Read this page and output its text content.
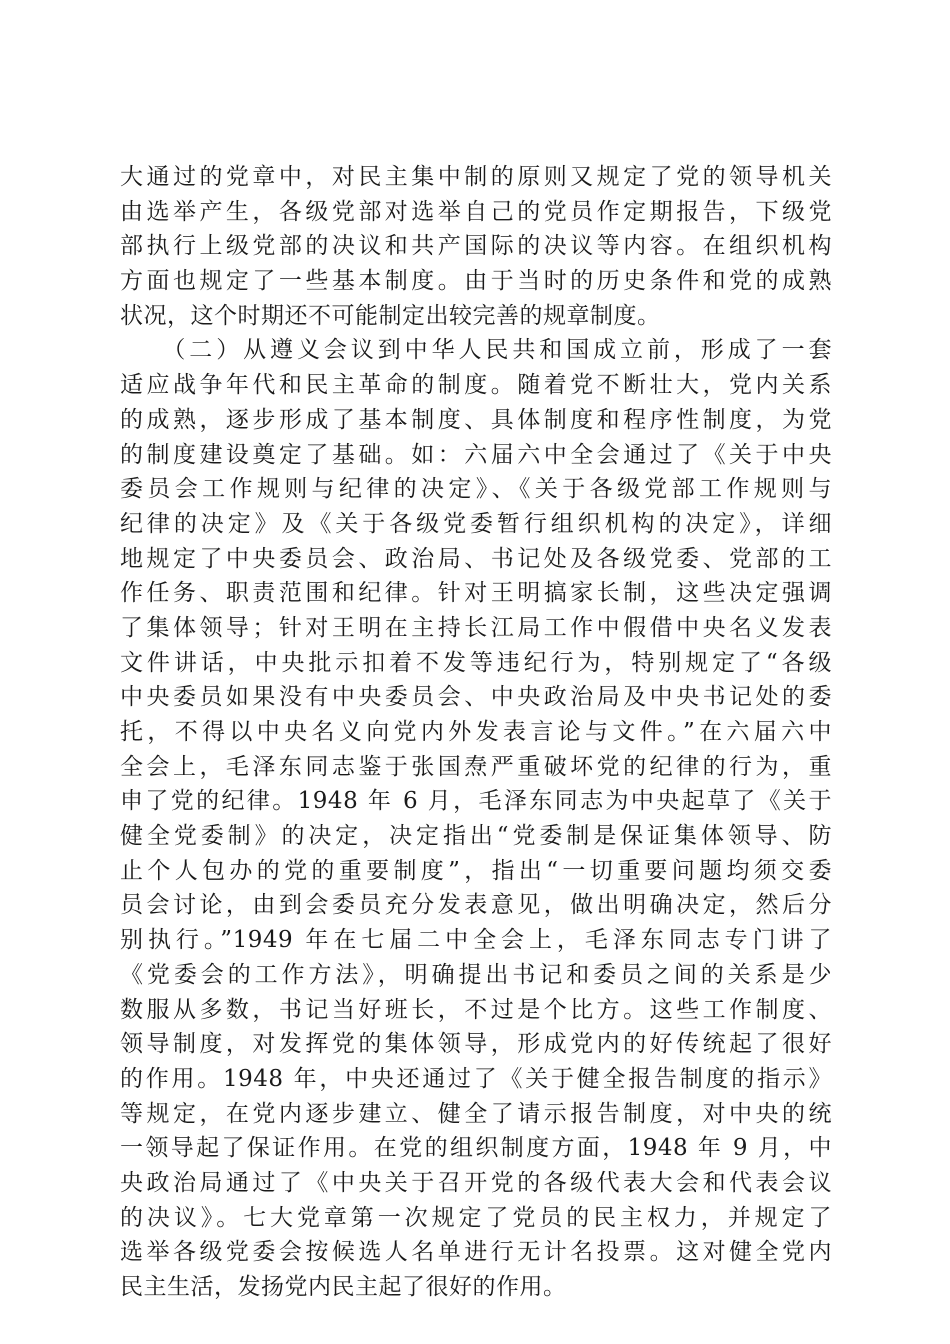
大通过的党章中，对民主集中制的原则又规定了党的领导机关
由选举产生，各级党部对选举自己的党员作定期报告，下级党
部执行上级党部的决议和共产国际的决议等内容。在组织机构
方面也规定了一些基本制度。由于当时的历史条件和党的成熟
状况，这个时期还不可能制定出较完善的规章制度。
　　（二）从遵义会议到中华人民共和国成立前，形成了一套
适应战争年代和民主革命的制度。随着党不断壮大，党内关系
的成熟，逐步形成了基本制度、具体制度和程序性制度，为党
的制度建设奠定了基础。如：六届六中全会通过了《关于中央
委员会工作规则与纪律的决定》、《关于各级党部工作规则与
纪律的决定》及《关于各级党委暂行组织机构的决定》，详细
地规定了中央委员会、政治局、书记处及各级党委、党部的工
作任务、职责范围和纪律。针对王明搞家长制，这些决定强调
了集体领导；针对王明在主持长江局工作中假借中央名义发表
文件讲话，中央批示扣着不发等违纪行为，特别规定了“各级
中央委员如果没有中央委员会、中央政治局及中央书记处的委
托，不得以中央名义向党内外发表言论与文件。”在六届六中
全会上，毛泽东同志鉴于张国焘严重破坏党的纪律的行为，重
申了党的纪律。1948 年 6 月，毛泽东同志为中央起草了《关于
健全党委制》的决定，决定指出“党委制是保证集体领导、防
止个人包办的党的重要制度”，指出“一切重要问题均须交委
员会讨论，由到会委员充分发表意见，做出明确决定，然后分
别执行。”1949 年在七届二中全会上，毛泽东同志专门讲了
《党委会的工作方法》，明确提出书记和委员之间的关系是少
数服从多数，书记当好班长，不过是个比方。这些工作制度、
领导制度，对发挥党的集体领导，形成党内的好传统起了很好
的作用。1948 年，中央还通过了《关于健全报告制度的指示》
等规定，在党内逐步建立、健全了请示报告制度，对中央的统
一领导起了保证作用。在党的组织制度方面，1948 年 9 月，中
央政治局通过了《中央关于召开党的各级代表大会和代表会议
的决议》。七大党章第一次规定了党员的民主权力，并规定了
选举各级党委会按候选人名单进行无计名投票。这对健全党内
民主生活，发扬党内民主起了很好的作用。
